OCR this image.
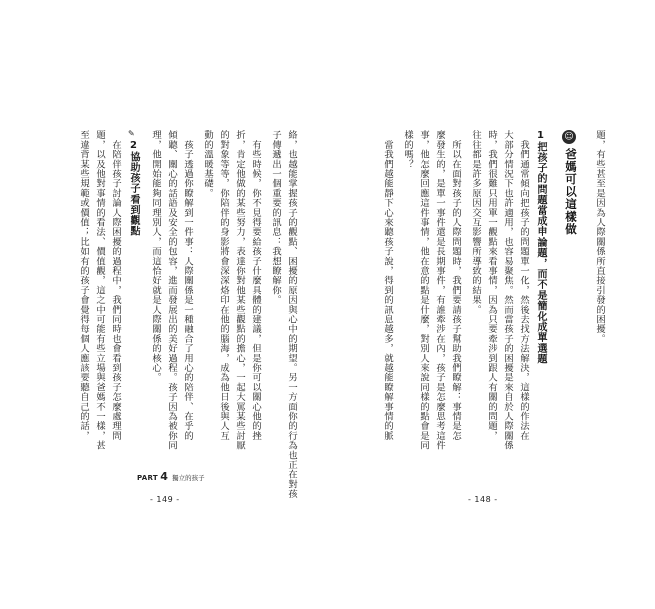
題，有些甚至是因為人際關係所直接引發的困擾。
☺
爸媽可以這樣做
1把孩子的問題當成申論題，而不是簡化成單選題
　我們通常傾向把孩子的問題單一化，然後去找方法解決，這樣的作法在
大部分情況下也許適用，也容易聚焦。然而當孩子的困擾是來自於人際關係
時，我們很難只用單一觀點來看事情，因為只要牽涉到跟人有關的問題，
往往都是許多原因交互影響所導致的結果。
　所以在面對孩子的人際問題時，我們要請孩子幫助我們瞭解：事情是怎
麼發生的，是單一事件還是長期事件，有誰牽涉在內，孩子是怎麼思考這件
事，他怎麼回應這件事情，他在意的點是什麼，對別人來說同樣的點會是同
樣的嗎？
　當我們越能靜下心來聽孩子說，得到的訊息越多，就越能瞭解事情的脈
- 148 -
絡，也越能掌握孩子的觀點、困擾的原因與心中的期望。另一方面你的行為也正在對孩
子傳遞出一個重要的訊息：我想瞭解你。
　有些時候，你不見得要給孩子什麼具體的建議，但是你可以關心他的挫
折，肯定他做的某些努力，表達你對他某些觀點的擔心，一起大罵某些討厭
的對象等等，你陪伴的身影將會深深烙印在他的腦海，成為他日後與人互
動的溫暖基礎。
　孩子透過你瞭解到一件事：人際關係是一種融合了用心的陪伴、在乎的
傾聽、關心的話語及安全的包容，進而發展出的美好過程。孩子因為被你同
理，他開始能夠同理別人，而這恰好就是人際關係的核心。
✎
2協助孩子看到觀點
　在陪伴孩子討論人際困擾的過程中，我們同時也會看到孩子怎麼處理問
題，以及他對事情的看法、價值觀，這之中可能有些立場與爸媽不一樣，甚
至違背某些規範或價值；比如有的孩子會覺得每個人應該要聽自己的話，
PART 4 獨立的孩子
- 149 -
